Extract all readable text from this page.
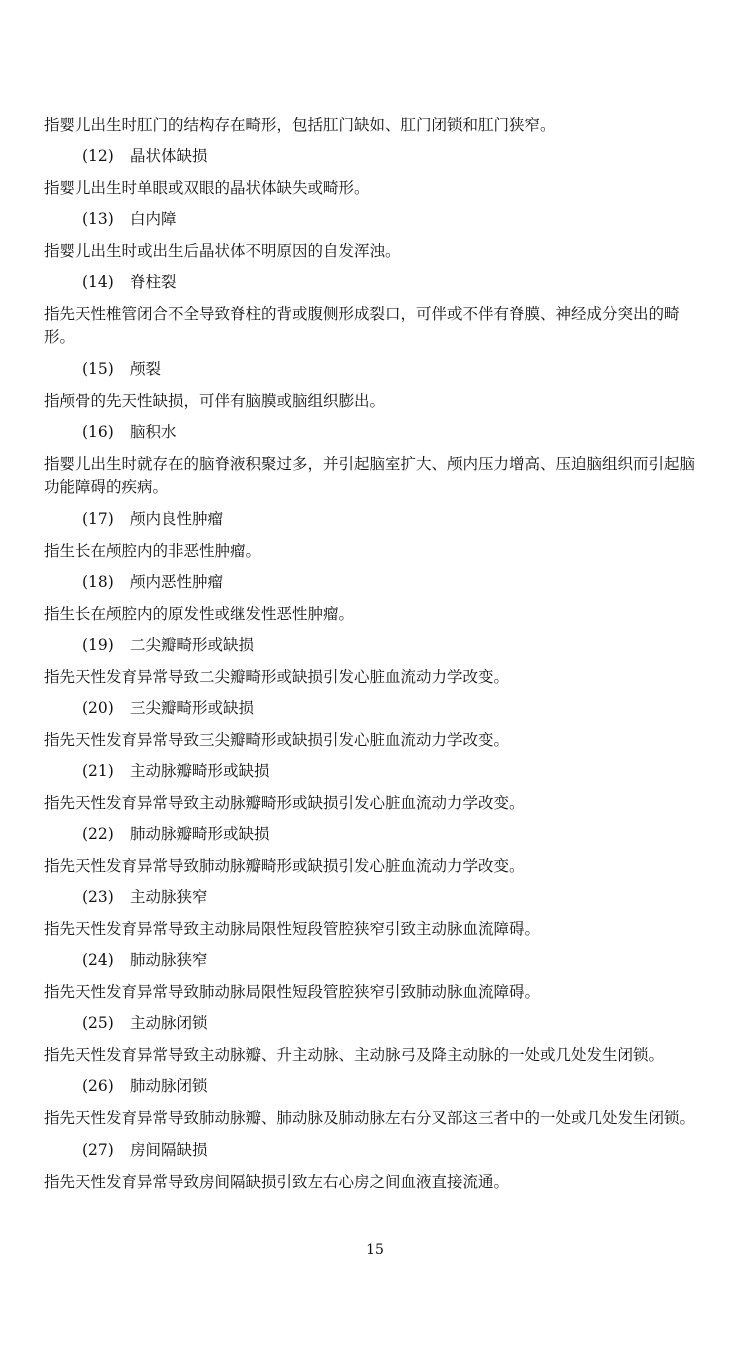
指婴儿出生时肛门的结构存在畸形，包括肛门缺如、肛门闭锁和肛门狭窄。

(12) 晶状体缺损

指婴儿出生时单眼或双眼的晶状体缺失或畸形。

(13) 白内障

指婴儿出生时或出生后晶状体不明原因的自发浑浊。

(14) 脊柱裂

指先天性椎管闭合不全导致脊柱的背或腹侧形成裂口，可伴或不伴有脊膜、神经成分突出的畸形。

(15) 颅裂

指颅骨的先天性缺损，可伴有脑膜或脑组织膨出。

(16) 脑积水

指婴儿出生时就存在的脑脊液积聚过多，并引起脑室扩大、颅内压力增高、压迫脑组织而引起脑功能障碍的疾病。

(17) 颅内良性肿瘤

指生长在颅腔内的非恶性肿瘤。

(18) 颅内恶性肿瘤

指生长在颅腔内的原发性或继发性恶性肿瘤。

(19) 二尖瓣畸形或缺损

指先天性发育异常导致二尖瓣畸形或缺损引发心脏血流动力学改变。

(20) 三尖瓣畸形或缺损

指先天性发育异常导致三尖瓣畸形或缺损引发心脏血流动力学改变。

(21) 主动脉瓣畸形或缺损

指先天性发育异常导致主动脉瓣畸形或缺损引发心脏血流动力学改变。

(22) 肺动脉瓣畸形或缺损

指先天性发育异常导致肺动脉瓣畸形或缺损引发心脏血流动力学改变。

(23) 主动脉狭窄

指先天性发育异常导致主动脉局限性短段管腔狭窄引致主动脉血流障碍。

(24) 肺动脉狭窄

指先天性发育异常导致肺动脉局限性短段管腔狭窄引致肺动脉血流障碍。

(25) 主动脉闭锁

指先天性发育异常导致主动脉瓣、升主动脉、主动脉弓及降主动脉的一处或几处发生闭锁。

(26) 肺动脉闭锁

指先天性发育异常导致肺动脉瓣、肺动脉及肺动脉左右分叉部这三者中的一处或几处发生闭锁。

(27) 房间隔缺损

指先天性发育异常导致房间隔缺损引致左右心房之间血液直接流通。

15
